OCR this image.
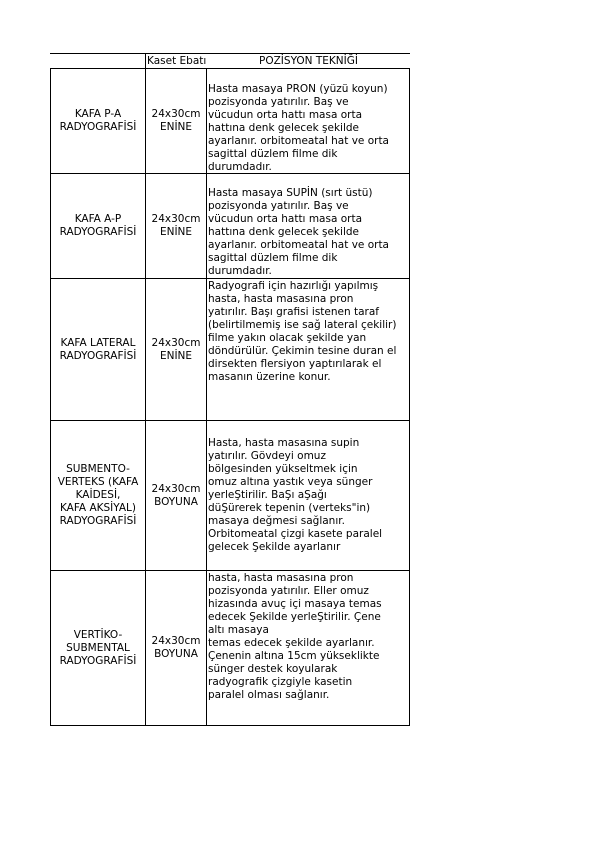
Kaset Ebatı	POZİSYON TEKNİĞİ
KAFA P-A
RADYOGRAFİSİ
24x30cm
ENİNE
Hasta masaya PRON (yüzü koyun)
pozisyonda yatırılır. Baş ve
vücudun orta hattı masa orta
hattına denk gelecek şekilde
ayarlanır. orbitomeatal hat ve orta
sagittal düzlem filme dik
durumdadır.
KAFA A-P
RADYOGRAFİSİ
24x30cm
ENİNE
Hasta masaya SUPİN (sırt üstü)
pozisyonda yatırılır. Baş ve
vücudun orta hattı masa orta
hattına denk gelecek şekilde
ayarlanır. orbitomeatal hat ve orta
sagittal düzlem filme dik
durumdadır.
KAFA LATERAL
RADYOGRAFİSİ
24x30cm
ENİNE
Radyografi için hazırlığı yapılmış
hasta, hasta masasına pron
yatırılır. Başı grafisi istenen taraf
(belirtilmemiş ise sağ lateral çekilir)
filme yakın olacak şekilde yan
döndürülür. Çekimin tesine duran el
dirsekten flersiyon yaptırılarak el
masanın üzerine konur.
SUBMENTO-
VERTEKS (KAFA
KAİDESİ,
KAFA AKSİYAL)
RADYOGRAFİSİ
24x30cm
BOYUNA
Hasta, hasta masasına supin
yatırılır. Gövdeyi omuz
bölgesinden yükseltmek için
omuz altına yastık veya sünger
yerleŞtirilir. BaŞı aŞağı
düŞürerek tepenin (verteks"in)
masaya değmesi sağlanır.
Orbitomeatal çizgi kasete paralel
gelecek Şekilde ayarlanır
VERTİKO-
SUBMENTAL
RADYOGRAFİSİ
24x30cm
BOYUNA
hasta, hasta masasına pron
pozisyonda yatırılır. Eller omuz
hizasında avuç içi masaya temas
edecek Şekilde yerleŞtirilir. Çene
altı masaya
temas edecek şekilde ayarlanır.
Çenenin altına 15cm yükseklikte
sünger destek koyularak
radyografik çizgiyle kasetin
paralel olması sağlanır.
